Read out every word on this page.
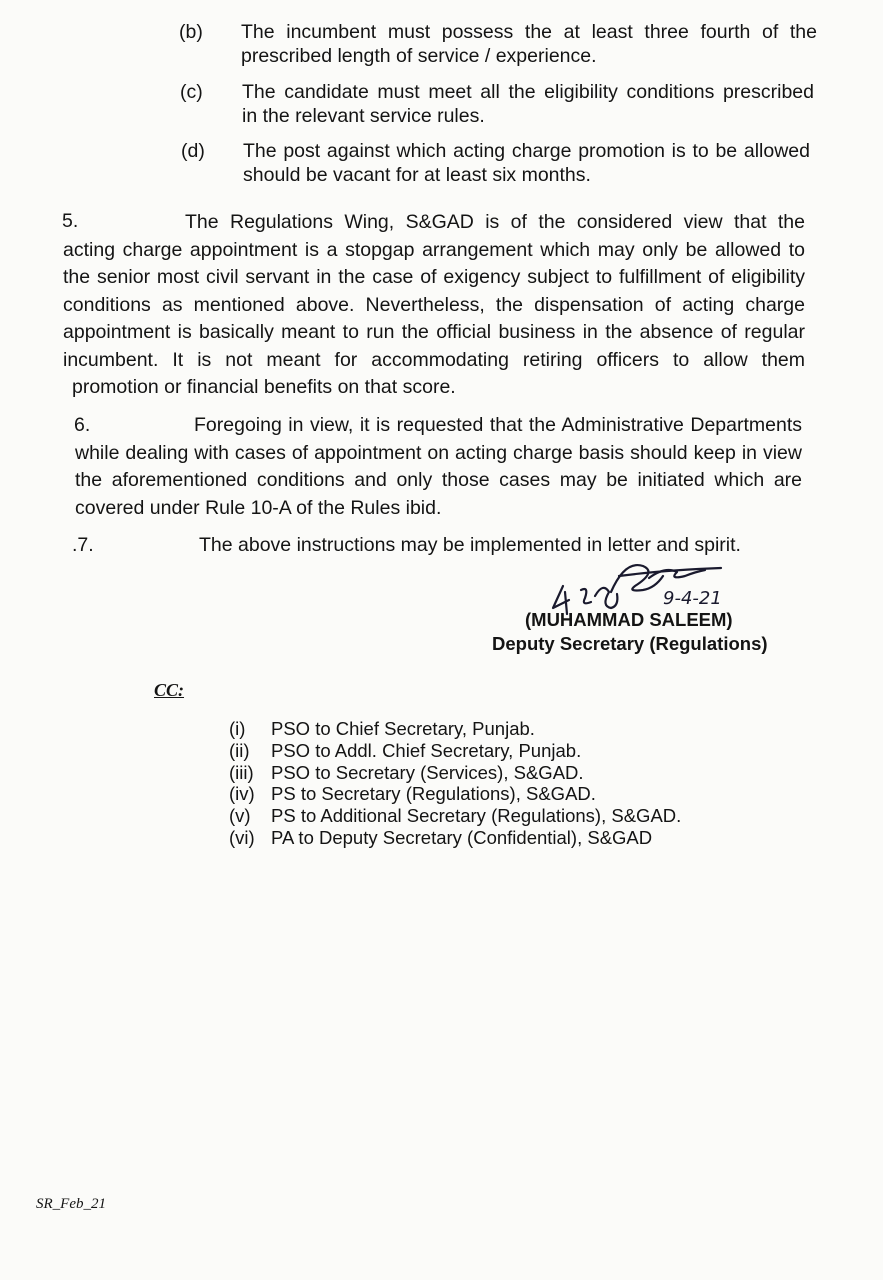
(b) The incumbent must possess the at least three fourth of the
prescribed length of service / experience.
(c) The candidate must meet all the eligibility conditions prescribed
in the relevant service rules.
(d) The post against which acting charge promotion is to be allowed
should be vacant for at least six months.
5.	The Regulations Wing, S&GAD is of the considered view that the
acting charge appointment is a stopgap arrangement which may only be allowed to
the senior most civil servant in the case of exigency subject to fulfillment of eligibility
conditions as mentioned above. Nevertheless, the dispensation of acting charge
appointment is basically meant to run the official business in the absence of regular
incumbent. It is not meant for accommodating retiring officers to allow them
promotion or financial benefits on that score.
6.	Foregoing in view, it is requested that the Administrative Departments
while dealing with cases of appointment on acting charge basis should keep in view
the aforementioned conditions and only those cases may be initiated which are
covered under Rule 10-A of the Rules ibid.
.7.	The above instructions may be implemented in letter and spirit.
9-4-21
(MUHAMMAD SALEEM)
Deputy Secretary (Regulations)
CC:
(i)	PSO to Chief Secretary, Punjab.
(ii)	PSO to Addl. Chief Secretary, Punjab.
(iii) PSO to Secretary (Services), S&GAD.
(iv) PS to Secretary (Regulations), S&GAD.
(v)	PS to Additional Secretary (Regulations), S&GAD.
(vi) PA to Deputy Secretary (Confidential), S&GAD
SR_Feb_21
